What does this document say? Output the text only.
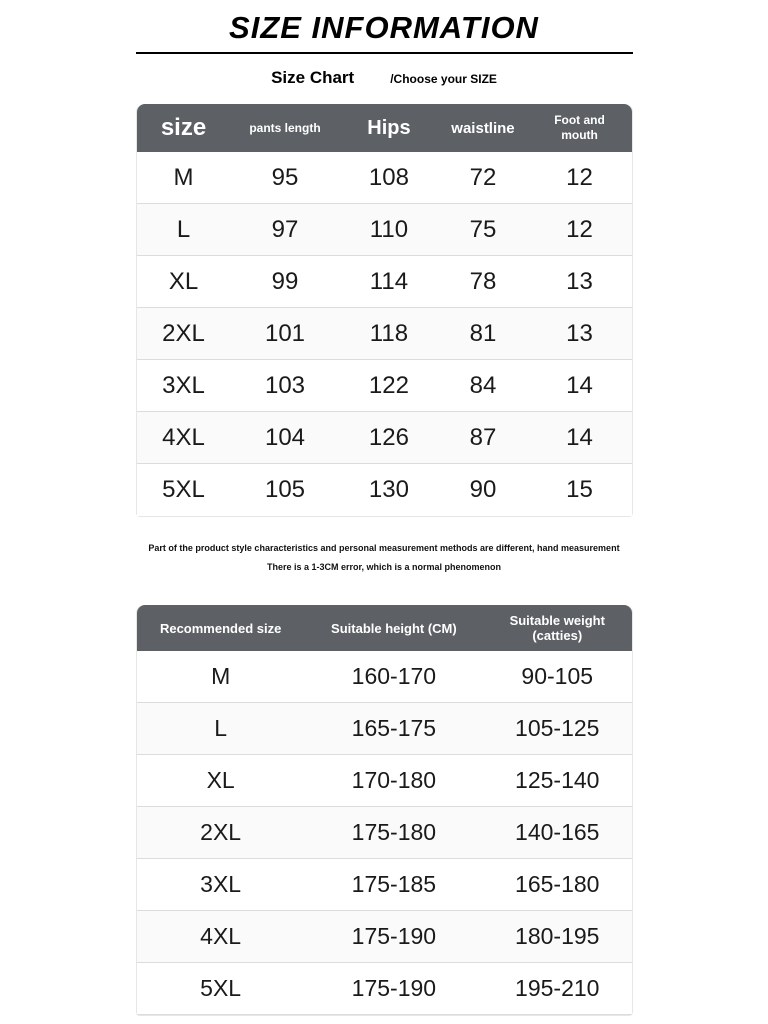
SIZE INFORMATION
Size Chart	/Choose your SIZE
size	pants length	Hips	waistline	Foot and mouth
M	95	108	72	12
L	97	110	75	12
XL	99	114	78	13
2XL	101	118	81	13
3XL	103	122	84	14
4XL	104	126	87	14
5XL	105	130	90	15
Part of the product style characteristics and personal measurement methods are different, hand measurement
There is a 1-3CM error, which is a normal phenomenon
Recommended size	Suitable height (CM)	Suitable weight (catties)
M	160-170	90-105
L	165-175	105-125
XL	170-180	125-140
2XL	175-180	140-165
3XL	175-185	165-180
4XL	175-190	180-195
5XL	175-190	195-210
